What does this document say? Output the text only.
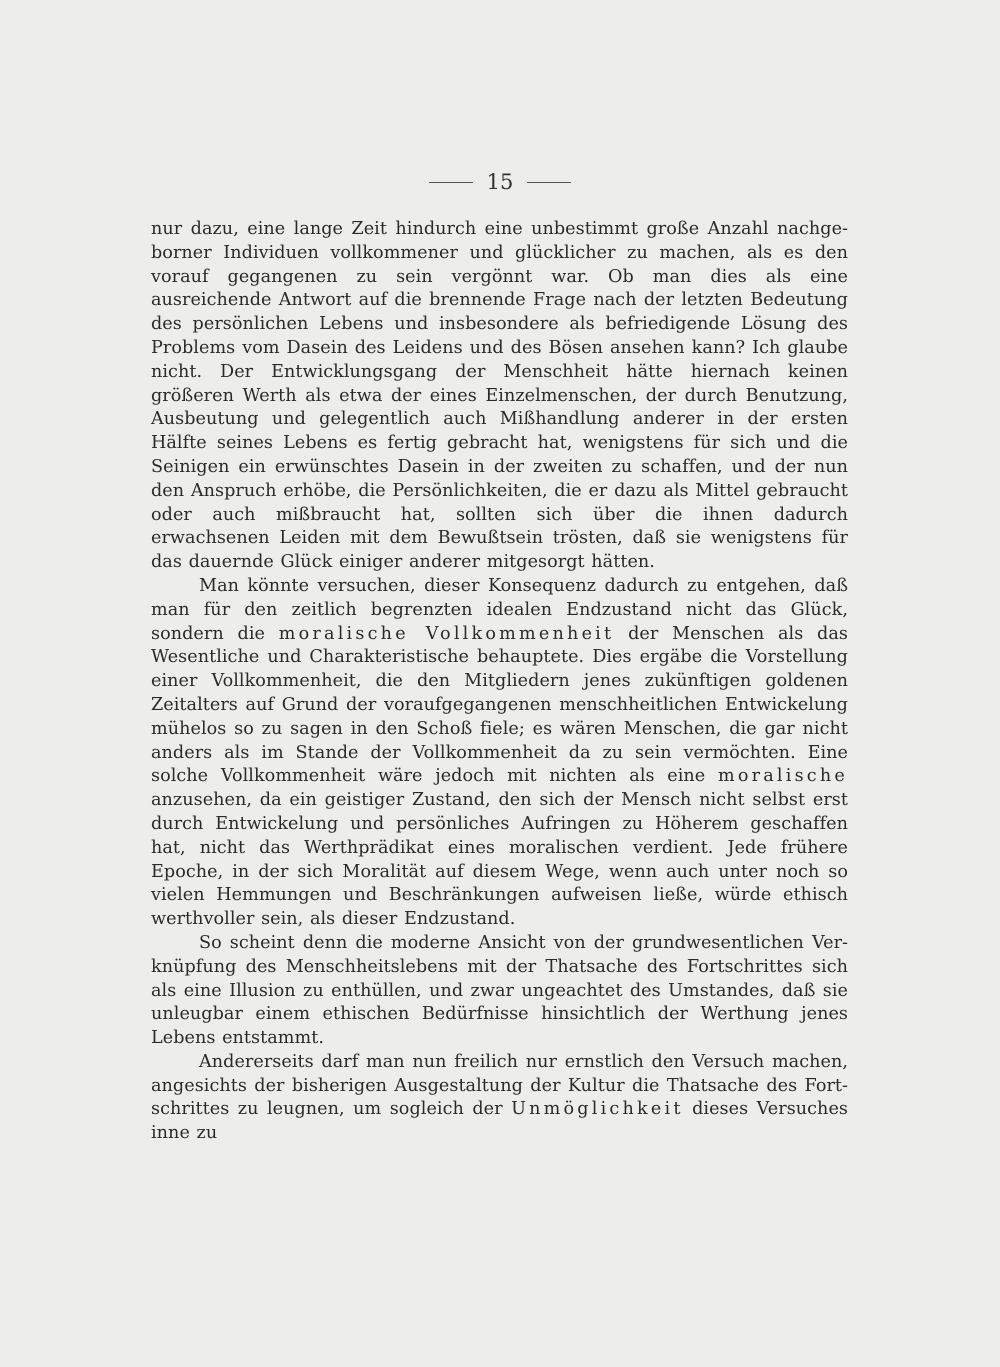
15

nur dazu, eine lange Zeit hindurch eine unbestimmt große Anzahl nachgeborner Individuen vollkommener und glücklicher zu machen, als es den vorauf gegangenen zu sein vergönnt war. Ob man dies als eine ausreichende Antwort auf die brennende Frage nach der letzten Bedeutung des persönlichen Lebens und insbesondere als befriedigende Lösung des Problems vom Dasein des Leidens und des Bösen ansehen kann? Ich glaube nicht. Der Entwicklungsgang der Menschheit hätte hiernach keinen größeren Werth als etwa der eines Einzelmenschen, der durch Benutzung, Ausbeutung und gelegentlich auch Mißhandlung anderer in der ersten Hälfte seines Lebens es fertig gebracht hat, wenigstens für sich und die Seinigen ein erwünschtes Dasein in der zweiten zu schaffen, und der nun den Anspruch erhöbe, die Persönlichkeiten, die er dazu als Mittel gebraucht oder auch mißbraucht hat, sollten sich über die ihnen dadurch erwachsenen Leiden mit dem Bewußtsein trösten, daß sie wenigstens für das dauernde Glück einiger anderer mitgesorgt hätten.

Man könnte versuchen, dieser Konsequenz dadurch zu entgehen, daß man für den zeitlich begrenzten idealen Endzustand nicht das Glück, sondern die moralische Vollkommenheit der Menschen als das Wesentliche und Charakteristische behauptete. Dies ergäbe die Vorstellung einer Vollkommenheit, die den Mitgliedern jenes zukünftigen goldenen Zeitalters auf Grund der voraufgegangenen menschheitlichen Entwickelung mühelos so zu sagen in den Schoß fiele; es wären Menschen, die gar nicht anders als im Stande der Vollkommenheit da zu sein vermöchten. Eine solche Vollkommenheit wäre jedoch mit nichten als eine moralische anzusehen, da ein geistiger Zustand, den sich der Mensch nicht selbst erst durch Entwickelung und persönliches Aufringen zu Höherem geschaffen hat, nicht das Werthprädikat eines moralischen verdient. Jede frühere Epoche, in der sich Moralität auf diesem Wege, wenn auch unter noch so vielen Hemmungen und Beschränkungen aufweisen ließe, würde ethisch werthvoller sein, als dieser Endzustand.

So scheint denn die moderne Ansicht von der grundwesentlichen Verknüpfung des Menschheitslebens mit der Thatsache des Fortschrittes sich als eine Illusion zu enthüllen, und zwar ungeachtet des Umstandes, daß sie unleugbar einem ethischen Bedürfnisse hinsichtlich der Werthung jenes Lebens entstammt.

Andererseits darf man nun freilich nur ernstlich den Versuch machen, angesichts der bisherigen Ausgestaltung der Kultur die Thatsache des Fortschrittes zu leugnen, um sogleich der Unmöglichkeit dieses Versuches inne zu
